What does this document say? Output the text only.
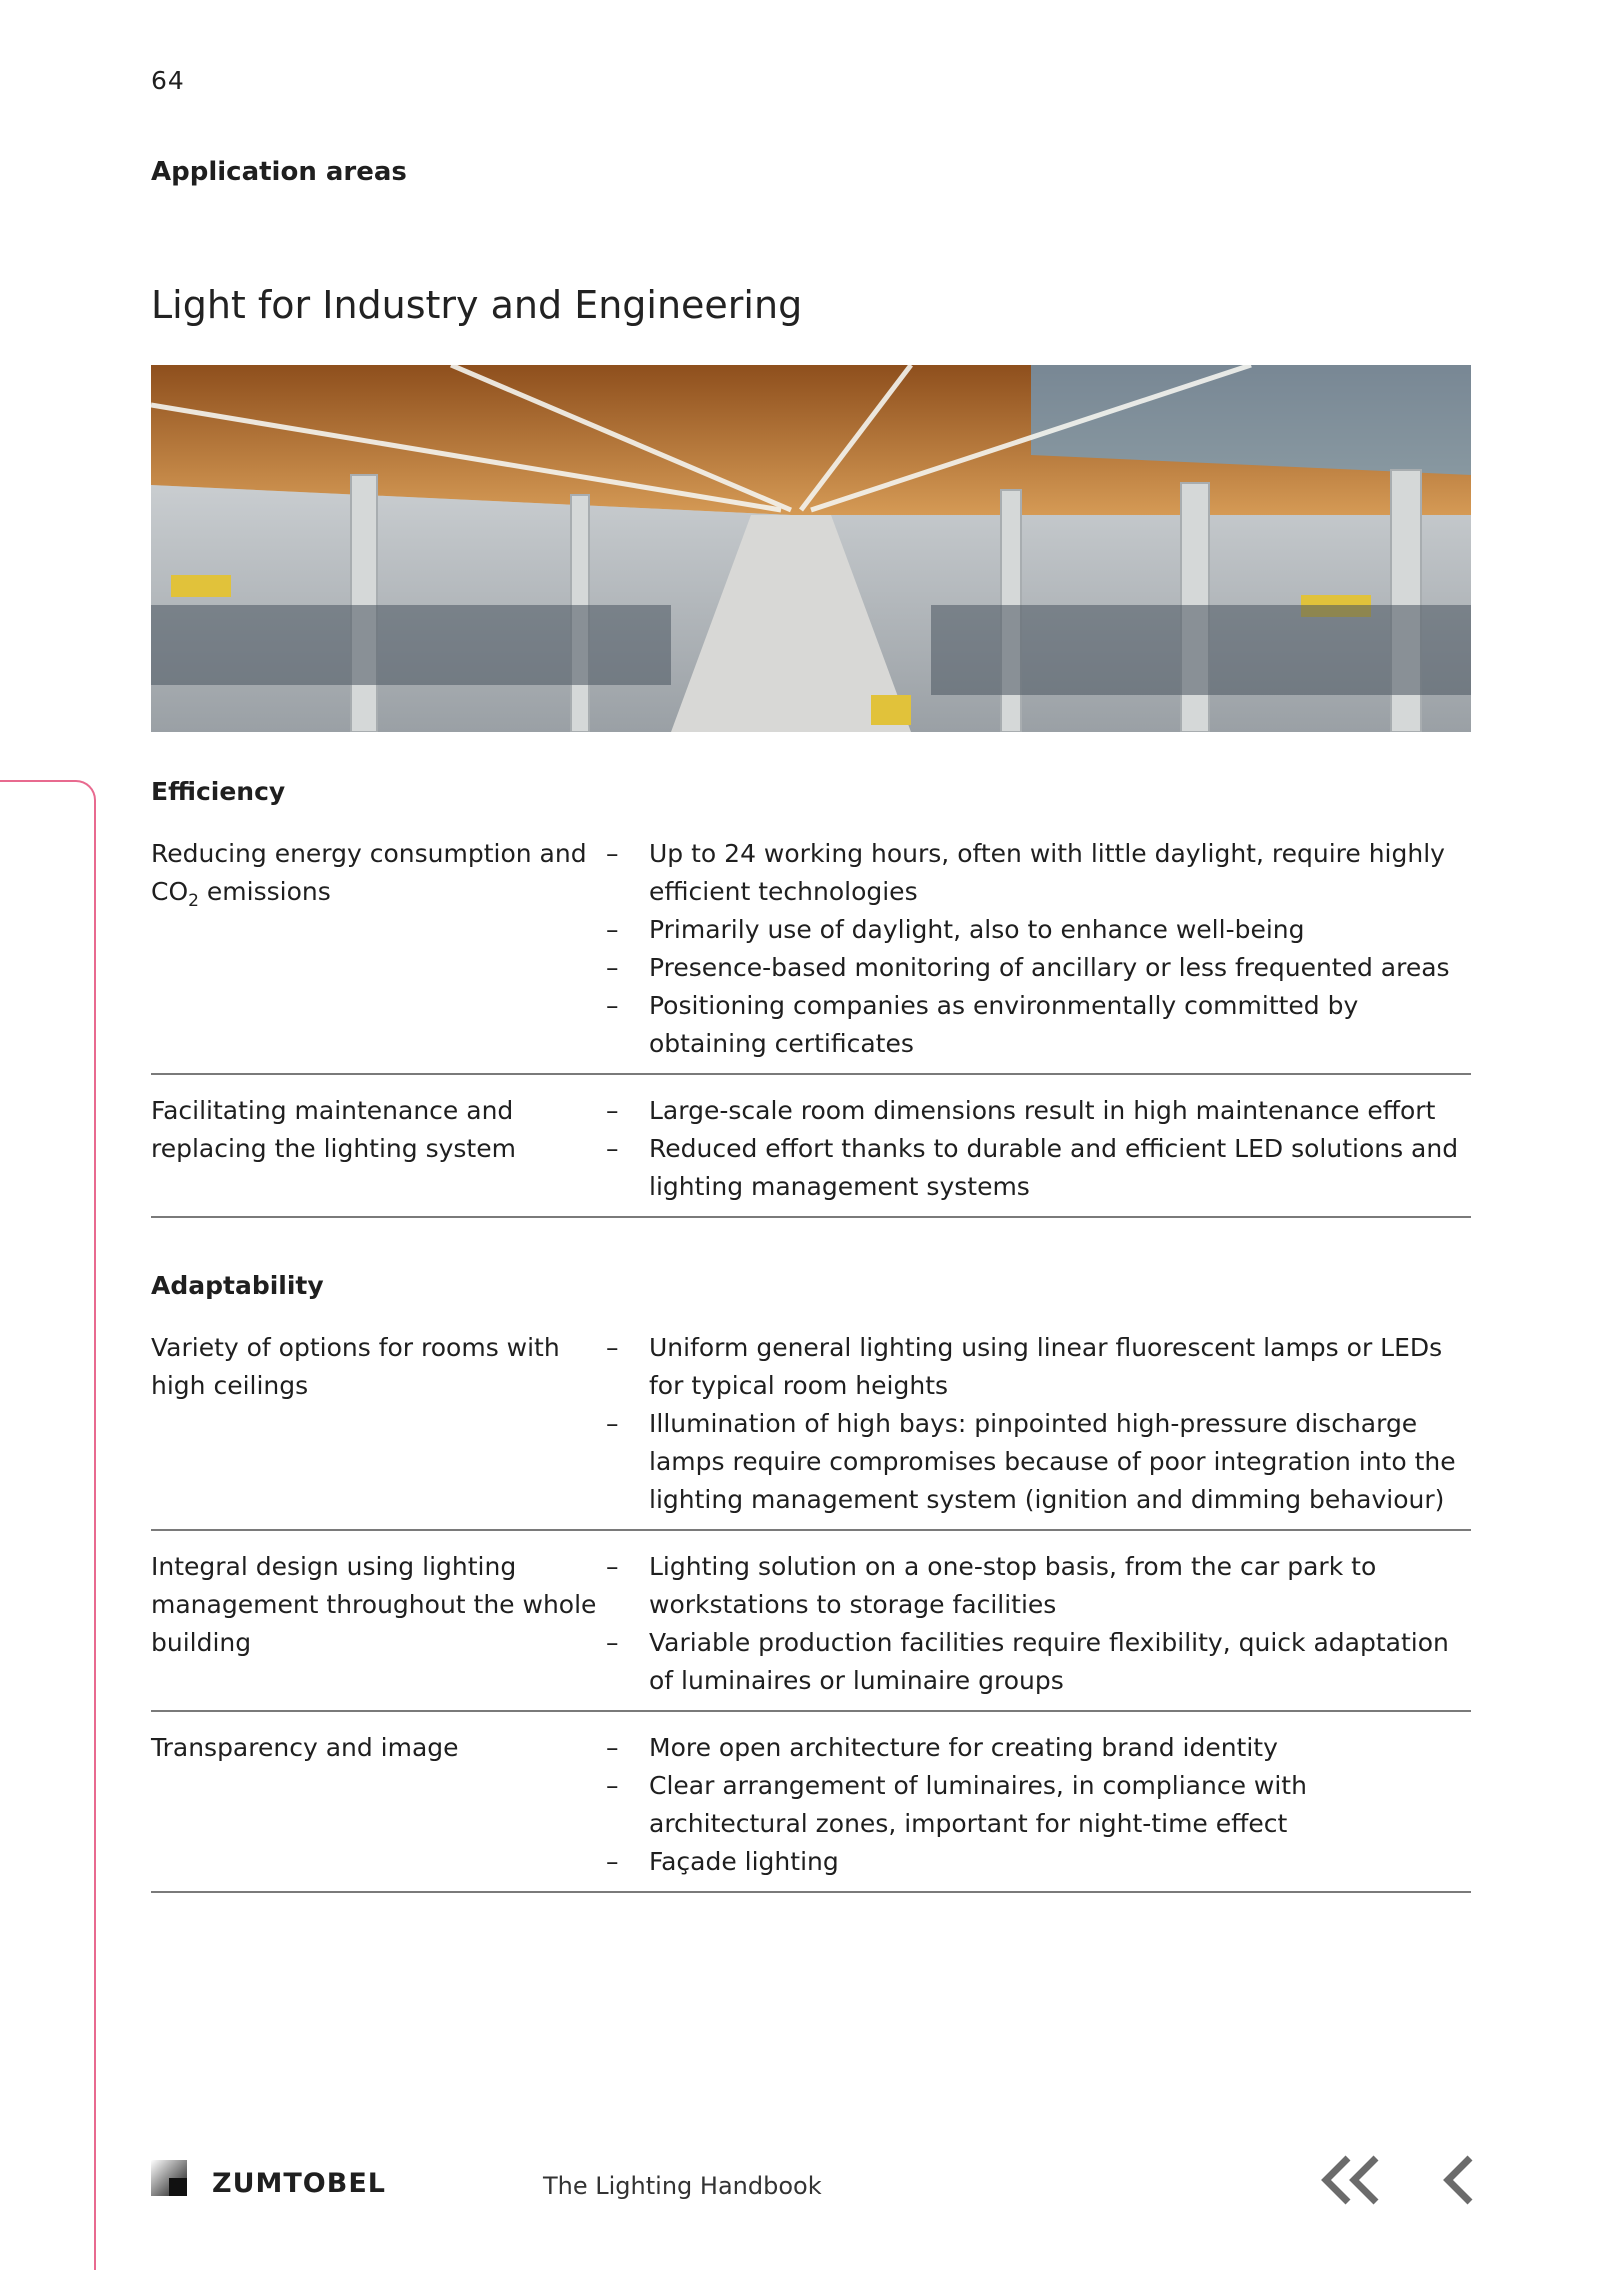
64
Application areas
Light for Industry and Engineering
Efficiency
Reducing energy consumption and $CO_2$ emissions
– Up to 24 working hours, often with little daylight, require highly efficient technologies
– Primarily use of daylight, also to enhance well-being
– Presence-based monitoring of ancillary or less frequented areas
– Positioning companies as environmentally committed by obtaining certificates
Facilitating maintenance and replacing the lighting system
– Large-scale room dimensions result in high maintenance effort
– Reduced effort thanks to durable and efficient LED solutions and lighting management systems
Adaptability
Variety of options for rooms with high ceilings
– Uniform general lighting using linear fluorescent lamps or LEDs for typical room heights
– Illumination of high bays: pinpointed high-pressure discharge lamps require compromises because of poor integration into the lighting management system (ignition and dimming behaviour)
Integral design using lighting management throughout the whole building
– Lighting solution on a one-stop basis, from the car park to workstations to storage facilities
– Variable production facilities require flexibility, quick adaptation of luminaires or luminaire groups
Transparency and image
–	More open architecture for creating brand identity
– Clear arrangement of luminaires, in compliance with architectural zones, important for night-time effect
– Façade lighting
ZUMTOBEL	The Lighting Handbook
